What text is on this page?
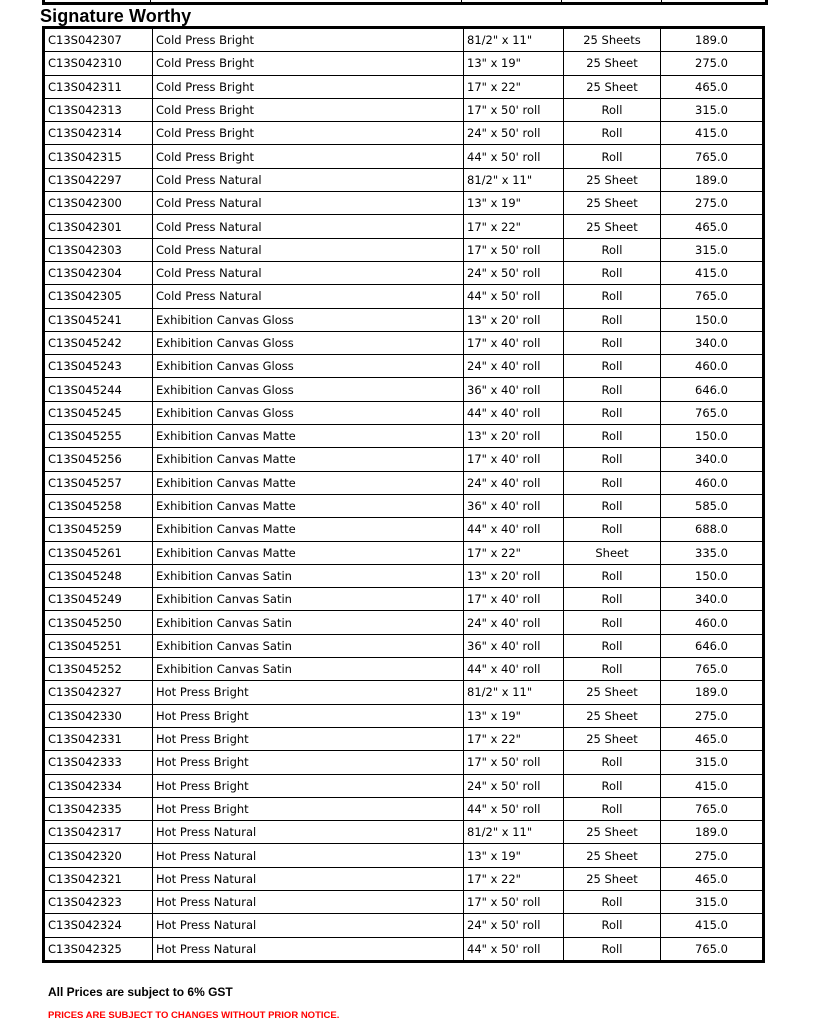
Signature Worthy
C13S042307	Cold Press Bright	81/2" x 11"	25 Sheets	189.0
C13S042310	Cold Press Bright	13" x 19"	25 Sheet	275.0
C13S042311	Cold Press Bright	17" x 22"	25 Sheet	465.0
C13S042313	Cold Press Bright	17" x 50' roll	Roll	315.0
C13S042314	Cold Press Bright	24" x 50' roll	Roll	415.0
C13S042315	Cold Press Bright	44" x 50' roll	Roll	765.0
C13S042297	Cold Press Natural	81/2" x 11"	25 Sheet	189.0
C13S042300	Cold Press Natural	13" x 19"	25 Sheet	275.0
C13S042301	Cold Press Natural	17" x 22"	25 Sheet	465.0
C13S042303	Cold Press Natural	17" x 50' roll	Roll	315.0
C13S042304	Cold Press Natural	24" x 50' roll	Roll	415.0
C13S042305	Cold Press Natural	44" x 50' roll	Roll	765.0
C13S045241	Exhibition Canvas Gloss	13" x 20' roll	Roll	150.0
C13S045242	Exhibition Canvas Gloss	17" x 40' roll	Roll	340.0
C13S045243	Exhibition Canvas Gloss	24" x 40' roll	Roll	460.0
C13S045244	Exhibition Canvas Gloss	36" x 40' roll	Roll	646.0
C13S045245	Exhibition Canvas Gloss	44" x 40' roll	Roll	765.0
C13S045255	Exhibition Canvas Matte	13" x 20' roll	Roll	150.0
C13S045256	Exhibition Canvas Matte	17" x 40' roll	Roll	340.0
C13S045257	Exhibition Canvas Matte	24" x 40' roll	Roll	460.0
C13S045258	Exhibition Canvas Matte	36" x 40' roll	Roll	585.0
C13S045259	Exhibition Canvas Matte	44" x 40' roll	Roll	688.0
C13S045261	Exhibition Canvas Matte	17" x 22"	Sheet	335.0
C13S045248	Exhibition Canvas Satin	13" x 20' roll	Roll	150.0
C13S045249	Exhibition Canvas Satin	17" x 40' roll	Roll	340.0
C13S045250	Exhibition Canvas Satin	24" x 40' roll	Roll	460.0
C13S045251	Exhibition Canvas Satin	36" x 40' roll	Roll	646.0
C13S045252	Exhibition Canvas Satin	44" x 40' roll	Roll	765.0
C13S042327	Hot Press Bright	81/2" x 11"	25 Sheet	189.0
C13S042330	Hot Press Bright	13" x 19"	25 Sheet	275.0
C13S042331	Hot Press Bright	17" x 22"	25 Sheet	465.0
C13S042333	Hot Press Bright	17" x 50' roll	Roll	315.0
C13S042334	Hot Press Bright	24" x 50' roll	Roll	415.0
C13S042335	Hot Press Bright	44" x 50' roll	Roll	765.0
C13S042317	Hot Press Natural	81/2" x 11"	25 Sheet	189.0
C13S042320	Hot Press Natural	13" x 19"	25 Sheet	275.0
C13S042321	Hot Press Natural	17" x 22"	25 Sheet	465.0
C13S042323	Hot Press Natural	17" x 50' roll	Roll	315.0
C13S042324	Hot Press Natural	24" x 50' roll	Roll	415.0
C13S042325	Hot Press Natural	44" x 50' roll	Roll	765.0
All Prices are subject to 6% GST
PRICES ARE SUBJECT TO CHANGES WITHOUT PRIOR NOTICE.
